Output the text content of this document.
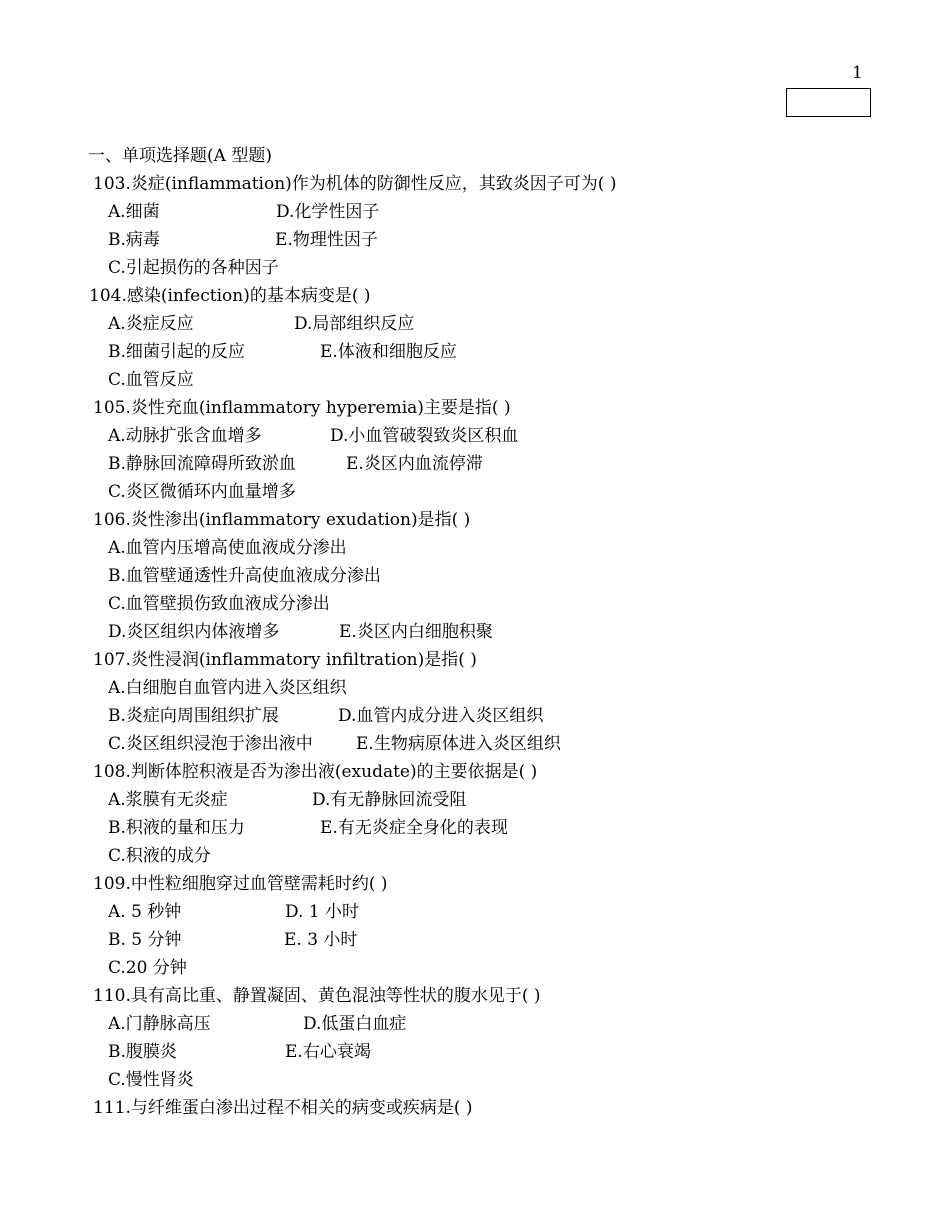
1
一、单项选择题(A 型题)
103.炎症(inflammation)作为机体的防御性反应，其致炎因子可为( )
A.细菌	D.化学性因子
B.病毒	E.物理性因子
C.引起损伤的各种因子
104.感染(infection)的基本病变是( )
A.炎症反应	D.局部组织反应
B.细菌引起的反应	E.体液和细胞反应
C.血管反应
105.炎性充血(inflammatory hyperemia)主要是指( )
A.动脉扩张含血增多	D.小血管破裂致炎区积血
B.静脉回流障碍所致淤血	E.炎区内血流停滞
C.炎区微循环内血量增多
106.炎性渗出(inflammatory exudation)是指( )
A.血管内压增高使血液成分渗出
B.血管壁通透性升高使血液成分渗出
C.血管壁损伤致血液成分渗出
D.炎区组织内体液增多	E.炎区内白细胞积聚
107.炎性浸润(inflammatory infiltration)是指( )
A.白细胞自血管内进入炎区组织
B.炎症向周围组织扩展	D.血管内成分进入炎区组织
C.炎区组织浸泡于渗出液中	E.生物病原体进入炎区组织
108.判断体腔积液是否为渗出液(exudate)的主要依据是( )
A.浆膜有无炎症	D.有无静脉回流受阻
B.积液的量和压力	E.有无炎症全身化的表现
C.积液的成分
109.中性粒细胞穿过血管壁需耗时约( )
A. 5 秒钟	D. 1 小时
B. 5 分钟	E. 3 小时
C.20 分钟
110.具有高比重、静置凝固、黄色混浊等性状的腹水见于( )
A.门静脉高压	D.低蛋白血症
B.腹膜炎	E.右心衰竭
C.慢性肾炎
111.与纤维蛋白渗出过程不相关的病变或疾病是( )
